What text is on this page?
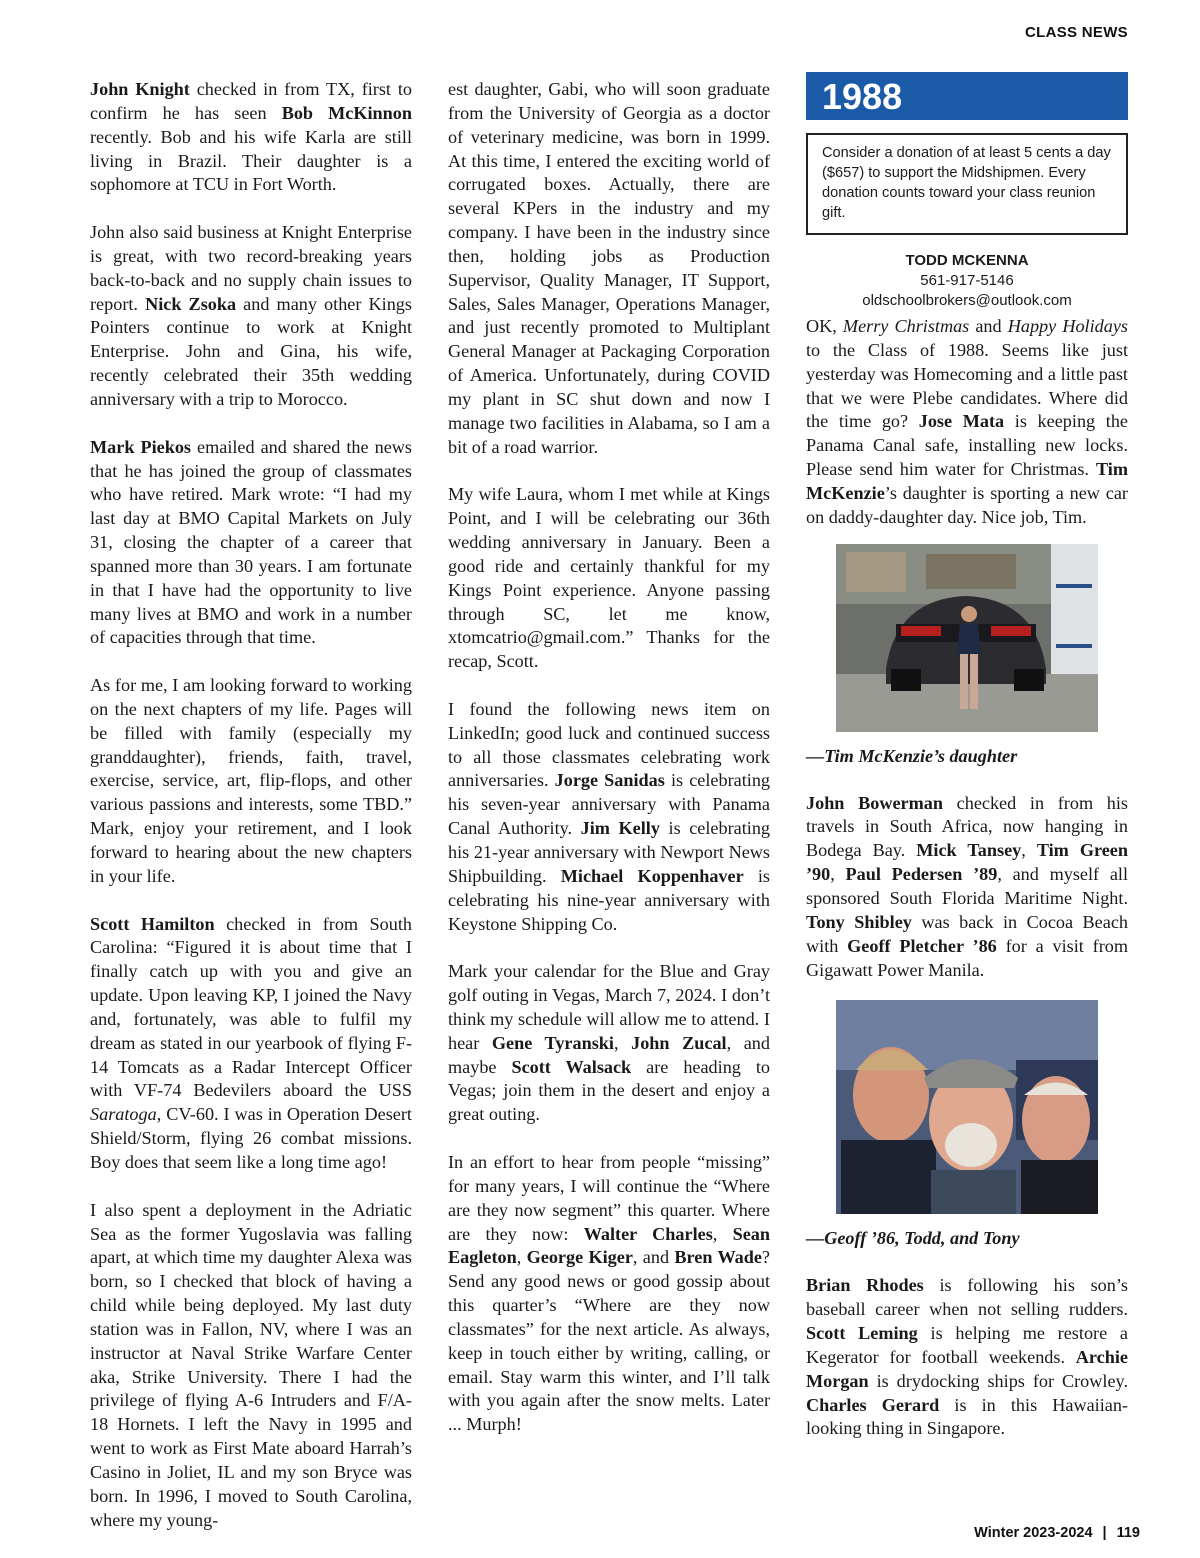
CLASS NEWS

John Knight checked in from TX, first to confirm he has seen Bob McKinnon recently. Bob and his wife Karla are still living in Brazil. Their daughter is a sophomore at TCU in Fort Worth.

John also said business at Knight Enterprise is great, with two record-breaking years back-to-back and no supply chain issues to report. Nick Zsoka and many other Kings Pointers continue to work at Knight Enterprise. John and Gina, his wife, recently celebrated their 35th wedding anniversary with a trip to Morocco.

Mark Piekos emailed and shared the news that he has joined the group of classmates who have retired. Mark wrote: “I had my last day at BMO Capital Markets on July 31, closing the chapter of a career that spanned more than 30 years. I am fortunate in that I have had the opportunity to live many lives at BMO and work in a number of capacities through that time.

As for me, I am looking forward to working on the next chapters of my life. Pages will be filled with family (especially my granddaughter), friends, faith, travel, exercise, service, art, flip-flops, and other various passions and interests, some TBD.” Mark, enjoy your retirement, and I look forward to hearing about the new chapters in your life.

Scott Hamilton checked in from South Carolina: “Figured it is about time that I finally catch up with you and give an update. Upon leaving KP, I joined the Navy and, fortunately, was able to fulfil my dream as stated in our yearbook of flying F-14 Tomcats as a Radar Intercept Officer with VF-74 Bedevilers aboard the USS Saratoga, CV-60. I was in Operation Desert Shield/Storm, flying 26 combat missions. Boy does that seem like a long time ago!

I also spent a deployment in the Adriatic Sea as the former Yugoslavia was falling apart, at which time my daughter Alexa was born, so I checked that block of having a child while being deployed. My last duty station was in Fallon, NV, where I was an instructor at Naval Strike Warfare Center aka, Strike University. There I had the privilege of flying A-6 Intruders and F/A-18 Hornets. I left the Navy in 1995 and went to work as First Mate aboard Harrah’s Casino in Joliet, IL and my son Bryce was born. In 1996, I moved to South Carolina, where my young-

est daughter, Gabi, who will soon graduate from the University of Georgia as a doctor of veterinary medicine, was born in 1999. At this time, I entered the exciting world of corrugated boxes. Actually, there are several KPers in the industry and my company. I have been in the industry since then, holding jobs as Production Supervisor, Quality Manager, IT Support, Sales, Sales Manager, Operations Manager, and just recently promoted to Multiplant General Manager at Packaging Corporation of America. Unfortunately, during COVID my plant in SC shut down and now I manage two facilities in Alabama, so I am a bit of a road warrior.

My wife Laura, whom I met while at Kings Point, and I will be celebrating our 36th wedding anniversary in January. Been a good ride and certainly thankful for my Kings Point experience. Anyone passing through SC, let me know, xtomcatrio@gmail.com.” Thanks for the recap, Scott.

I found the following news item on LinkedIn; good luck and continued success to all those classmates celebrating work anniversaries. Jorge Sanidas is celebrating his seven-year anniversary with Panama Canal Authority. Jim Kelly is celebrating his 21-year anniversary with Newport News Shipbuilding. Michael Koppenhaver is celebrating his nine-year anniversary with Keystone Shipping Co.

Mark your calendar for the Blue and Gray golf outing in Vegas, March 7, 2024. I don’t think my schedule will allow me to attend. I hear Gene Tyranski, John Zucal, and maybe Scott Walsack are heading to Vegas; join them in the desert and enjoy a great outing.

In an effort to hear from people “missing” for many years, I will continue the “Where are they now segment” this quarter. Where are they now: Walter Charles, Sean Eagleton, George Kiger, and Bren Wade? Send any good news or good gossip about this quarter’s “Where are they now classmates” for the next article. As always, keep in touch either by writing, calling, or email. Stay warm this winter, and I’ll talk with you again after the snow melts. Later ... Murph!

1988
Consider a donation of at least 5 cents a day ($657) to support the Midshipmen. Every donation counts toward your class reunion gift.
TODD MCKENNA
561-917-5146
oldschoolbrokers@outlook.com

OK, Merry Christmas and Happy Holidays to the Class of 1988. Seems like just yesterday was Homecoming and a little past that we were Plebe candidates. Where did the time go? Jose Mata is keeping the Panama Canal safe, installing new locks. Please send him water for Christmas. Tim McKenzie’s daughter is sporting a new car on daddy-daughter day. Nice job, Tim.

—Tim McKenzie’s daughter

John Bowerman checked in from his travels in South Africa, now hanging in Bodega Bay. Mick Tansey, Tim Green ’90, Paul Pedersen ’89, and myself all sponsored South Florida Maritime Night. Tony Shibley was back in Cocoa Beach with Geoff Pletcher ’86 for a visit from Gigawatt Power Manila.

—Geoff ’86, Todd, and Tony

Brian Rhodes is following his son’s baseball career when not selling rudders. Scott Leming is helping me restore a Kegerator for football weekends. Archie Morgan is drydocking ships for Crowley. Charles Gerard is in this Hawaiian-looking thing in Singapore.

Winter 2023-2024 | 119
